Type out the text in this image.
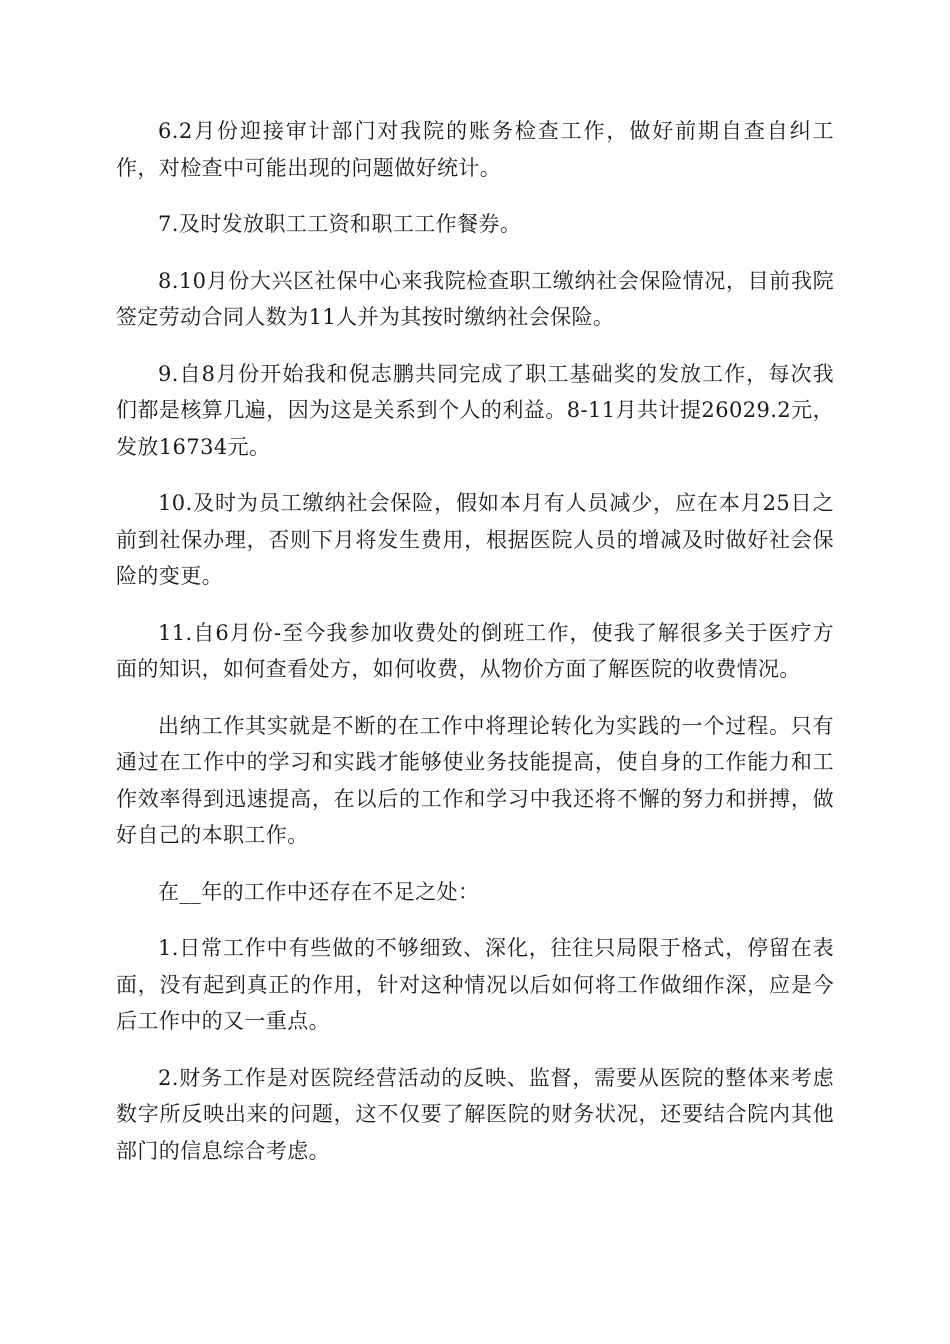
6.2月份迎接审计部门对我院的账务检查工作，做好前期自查自纠工作，对检查中可能出现的问题做好统计。

7.及时发放职工工资和职工工作餐券。

8.10月份大兴区社保中心来我院检查职工缴纳社会保险情况，目前我院签定劳动合同人数为11人并为其按时缴纳社会保险。

9.自8月份开始我和倪志鹏共同完成了职工基础奖的发放工作，每次我们都是核算几遍，因为这是关系到个人的利益。8-11月共计提26029.2元，发放16734元。

10.及时为员工缴纳社会保险，假如本月有人员减少，应在本月25日之前到社保办理，否则下月将发生费用，根据医院人员的增减及时做好社会保险的变更。

11.自6月份-至今我参加收费处的倒班工作，使我了解很多关于医疗方面的知识，如何查看处方，如何收费，从物价方面了解医院的收费情况。

出纳工作其实就是不断的在工作中将理论转化为实践的一个过程。只有通过在工作中的学习和实践才能够使业务技能提高，使自身的工作能力和工作效率得到迅速提高，在以后的工作和学习中我还将不懈的努力和拼搏，做好自己的本职工作。

在__年的工作中还存在不足之处：

1.日常工作中有些做的不够细致、深化，往往只局限于格式，停留在表面，没有起到真正的作用，针对这种情况以后如何将工作做细作深，应是今后工作中的又一重点。

2.财务工作是对医院经营活动的反映、监督，需要从医院的整体来考虑数字所反映出来的问题，这不仅要了解医院的财务状况，还要结合院内其他部门的信息综合考虑。
